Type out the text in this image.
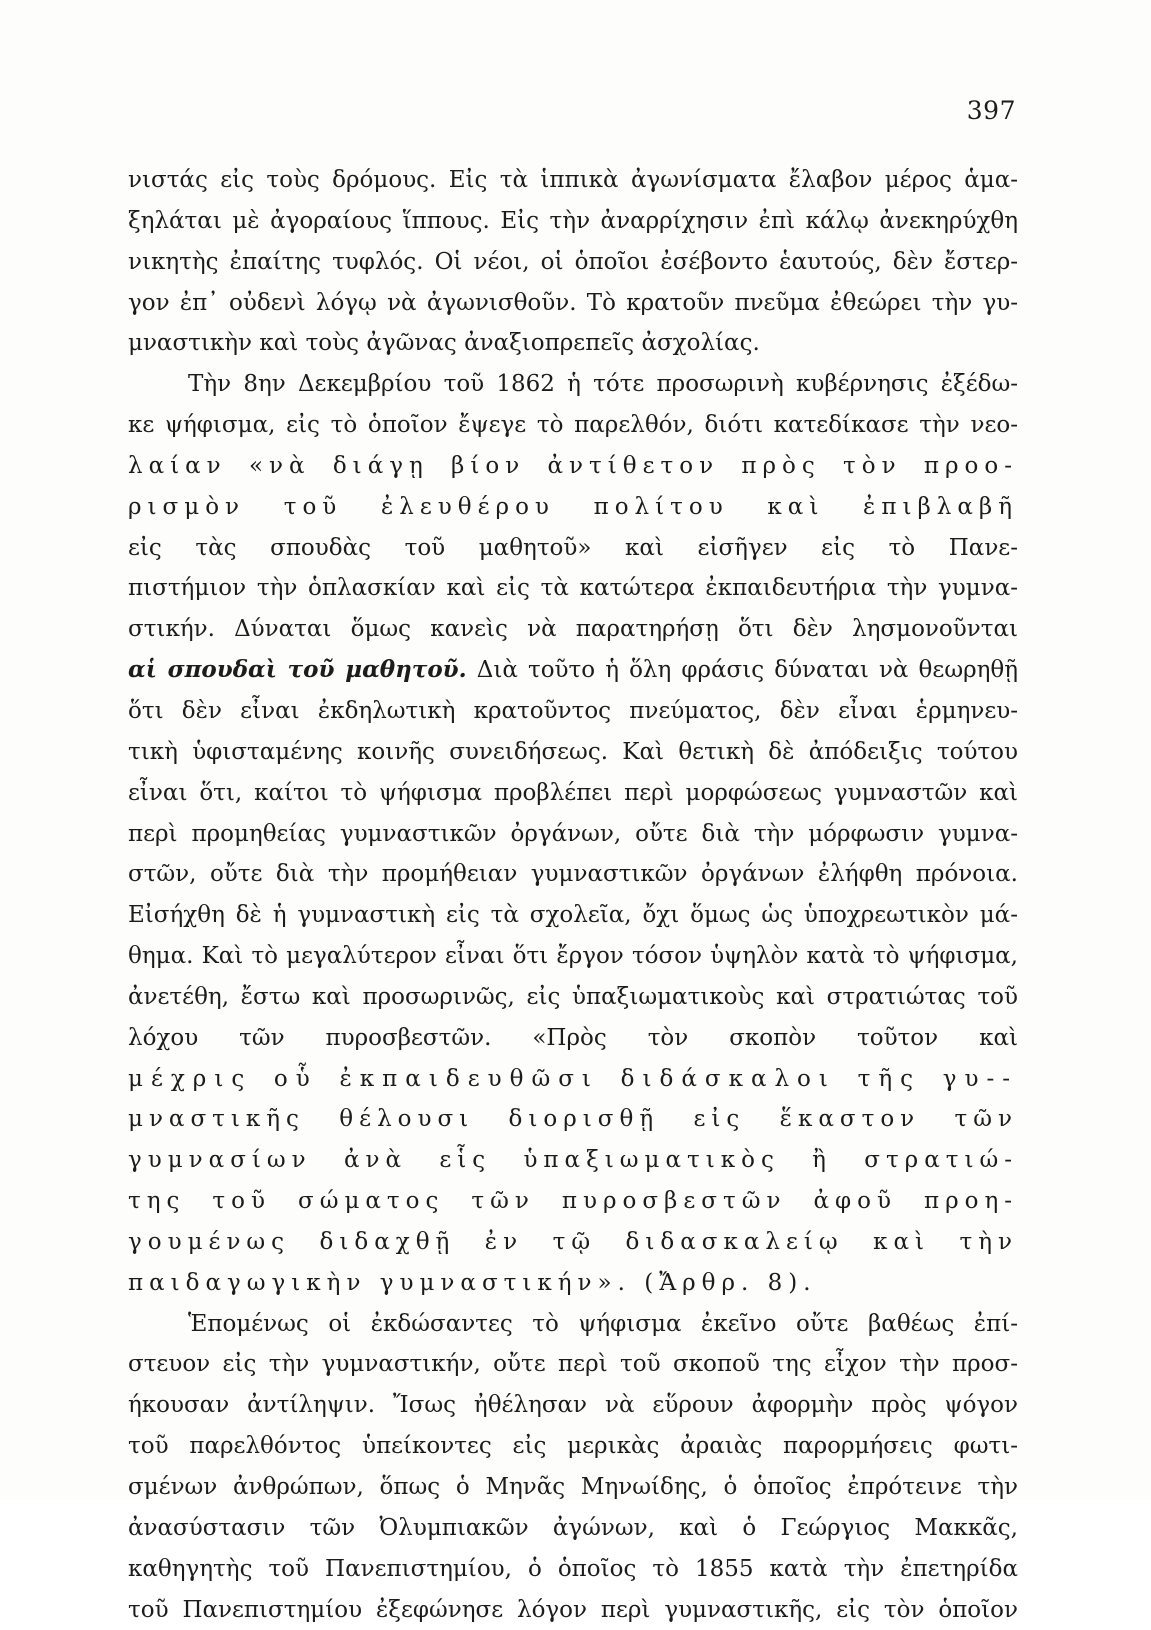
397
νιστάς εἰς τοὺς δρόμους. Εἰς τὰ ἱππικὰ ἀγωνίσματα ἔλαβον μέρος ἁμα-
ξηλάται μὲ ἀγοραίους ἵππους. Εἰς τὴν ἀναρρίχησιν ἐπὶ κάλῳ ἀνεκηρύχθη
νικητὴς ἐπαίτης τυφλός. Οἱ νέοι, οἱ ὁποῖοι ἐσέβοντο ἑαυτούς, δὲν ἔστερ-
γον ἐπ᾽ οὐδενὶ λόγῳ νὰ ἀγωνισθοῦν. Τὸ κρατοῦν πνεῦμα ἐθεώρει τὴν γυ-
μναστικὴν καὶ τοὺς ἀγῶνας ἀναξιοπρεπεῖς ἀσχολίας.
Τὴν 8ην Δεκεμβρίου τοῦ 1862 ἡ τότε προσωρινὴ κυβέρνησις ἐξέδω-
κε ψήφισμα, εἰς τὸ ὁποῖον ἔψεγε τὸ παρελθόν, διότι κατεδίκασε τὴν νεο-
λαίαν «νὰ διάγῃ βίον ἀντίθετον πρὸς τὸν προο-
ρισμὸν τοῦ ἐλευθέρου πολίτου καὶ ἐπιβλαβῆ
εἰς τὰς σπουδὰς τοῦ μαθητοῦ» καὶ εἰσῆγεν εἰς τὸ Πανε-
πιστήμιον τὴν ὁπλασκίαν καὶ εἰς τὰ κατώτερα ἐκπαιδευτήρια τὴν γυμνα-
στικήν. Δύναται ὅμως κανεὶς νὰ παρατηρήσῃ ὅτι δὲν λησμονοῦνται
αἱ σπουδαὶ τοῦ μαθητοῦ. Διὰ τοῦτο ἡ ὅλη φράσις δύναται νὰ θεωρηθῇ
ὅτι δὲν εἶναι ἐκδηλωτικὴ κρατοῦντος πνεύματος, δὲν εἶναι ἑρμηνευ-
τικὴ ὑφισταμένης κοινῆς συνειδήσεως. Καὶ θετικὴ δὲ ἀπόδειξις τούτου
εἶναι ὅτι, καίτοι τὸ ψήφισμα προβλέπει περὶ μορφώσεως γυμναστῶν καὶ
περὶ προμηθείας γυμναστικῶν ὀργάνων, οὔτε διὰ τὴν μόρφωσιν γυμνα-
στῶν, οὔτε διὰ τὴν προμήθειαν γυμναστικῶν ὀργάνων ἐλήφθη πρόνοια.
Εἰσήχθη δὲ ἡ γυμναστικὴ εἰς τὰ σχολεῖα, ὄχι ὅμως ὡς ὑποχρεωτικὸν μά-
θημα. Καὶ τὸ μεγαλύτερον εἶναι ὅτι ἔργον τόσον ὑψηλὸν κατὰ τὸ ψήφισμα,
ἀνετέθη, ἔστω καὶ προσωρινῶς, εἰς ὑπαξιωματικοὺς καὶ στρατιώτας τοῦ
λόχου τῶν πυροσβεστῶν. «Πρὸς τὸν σκοπὸν τοῦτον καὶ
μέχρις οὗ ἐκπαιδευθῶσι διδάσκαλοι τῆς γυ--
μναστικῆς θέλουσι διορισθῇ εἰς ἕκαστον τῶν
γυμνασίων ἀνὰ εἷς ὑπαξιωματικὸς ἢ στρατιώ-
της τοῦ σώματος τῶν πυροσβεστῶν ἀφοῦ προη-
γουμένως διδαχθῇ ἐν τῷ διδασκαλείῳ καὶ τὴν
παιδαγωγικὴν γυμναστικήν». (Ἄρθρ. 8).
Ἑπομένως οἱ ἐκδώσαντες τὸ ψήφισμα ἐκεῖνο οὔτε βαθέως ἐπί-
στευον εἰς τὴν γυμναστικήν, οὔτε περὶ τοῦ σκοποῦ της εἶχον τὴν προσ-
ήκουσαν ἀντίληψιν. Ἴσως ἠθέλησαν νὰ εὕρουν ἀφορμὴν πρὸς ψόγον
τοῦ παρελθόντος ὑπείκοντες εἰς μερικὰς ἀραιὰς παρορμήσεις φωτι-
σμένων ἀνθρώπων, ὅπως ὁ Μηνᾶς Μηνωίδης, ὁ ὁποῖος ἐπρότεινε τὴν
ἀνασύστασιν τῶν Ὀλυμπιακῶν ἀγώνων, καὶ ὁ Γεώργιος Μακκᾶς,
καθηγητὴς τοῦ Πανεπιστημίου, ὁ ὁποῖος τὸ 1855 κατὰ τὴν ἐπετηρίδα
τοῦ Πανεπιστημίου ἐξεφώνησε λόγον περὶ γυμναστικῆς, εἰς τὸν ὁποῖον
